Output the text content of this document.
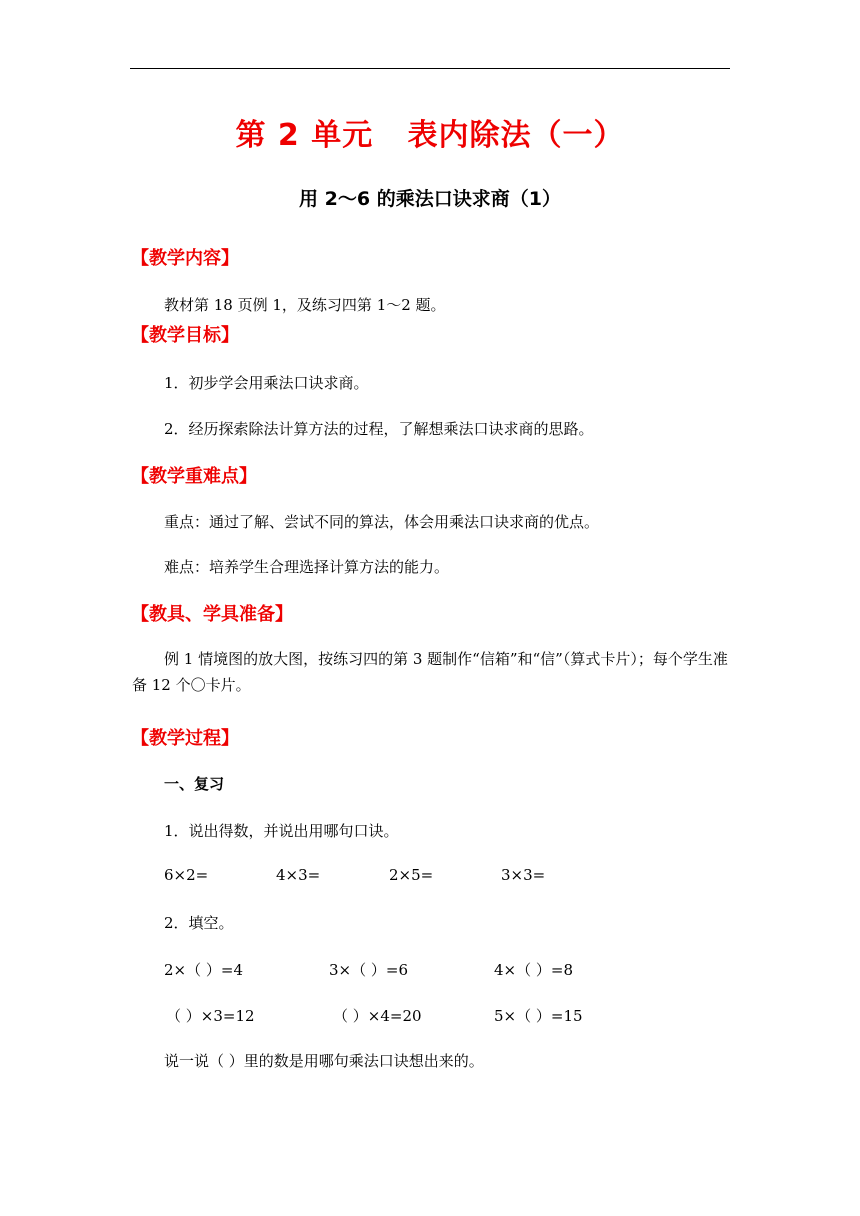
第 2 单元   表内除法（一）
用 2～6 的乘法口诀求商（1）
【教学内容】
教材第 18 页例 1，及练习四第 1～2 题。
【教学目标】
1．初步学会用乘法口诀求商。
2．经历探索除法计算方法的过程，了解想乘法口诀求商的思路。
【教学重难点】
重点：通过了解、尝试不同的算法，体会用乘法口诀求商的优点。
难点：培养学生合理选择计算方法的能力。
【教具、学具准备】
例 1 情境图的放大图，按练习四的第 3 题制作“信箱”和“信”（算式卡片）；每个学生准备 12 个〇卡片。
【教学过程】
一、复习
1．说出得数，并说出用哪句口诀。
6×2=	4×3=	2×5=	3×3=
2．填空。
2×（ ）=4	3×（ ）=6	4×（ ）=8
（ ）×3=12	（ ）×4=20	5×（ ）=15
说一说（ ）里的数是用哪句乘法口诀想出来的。
